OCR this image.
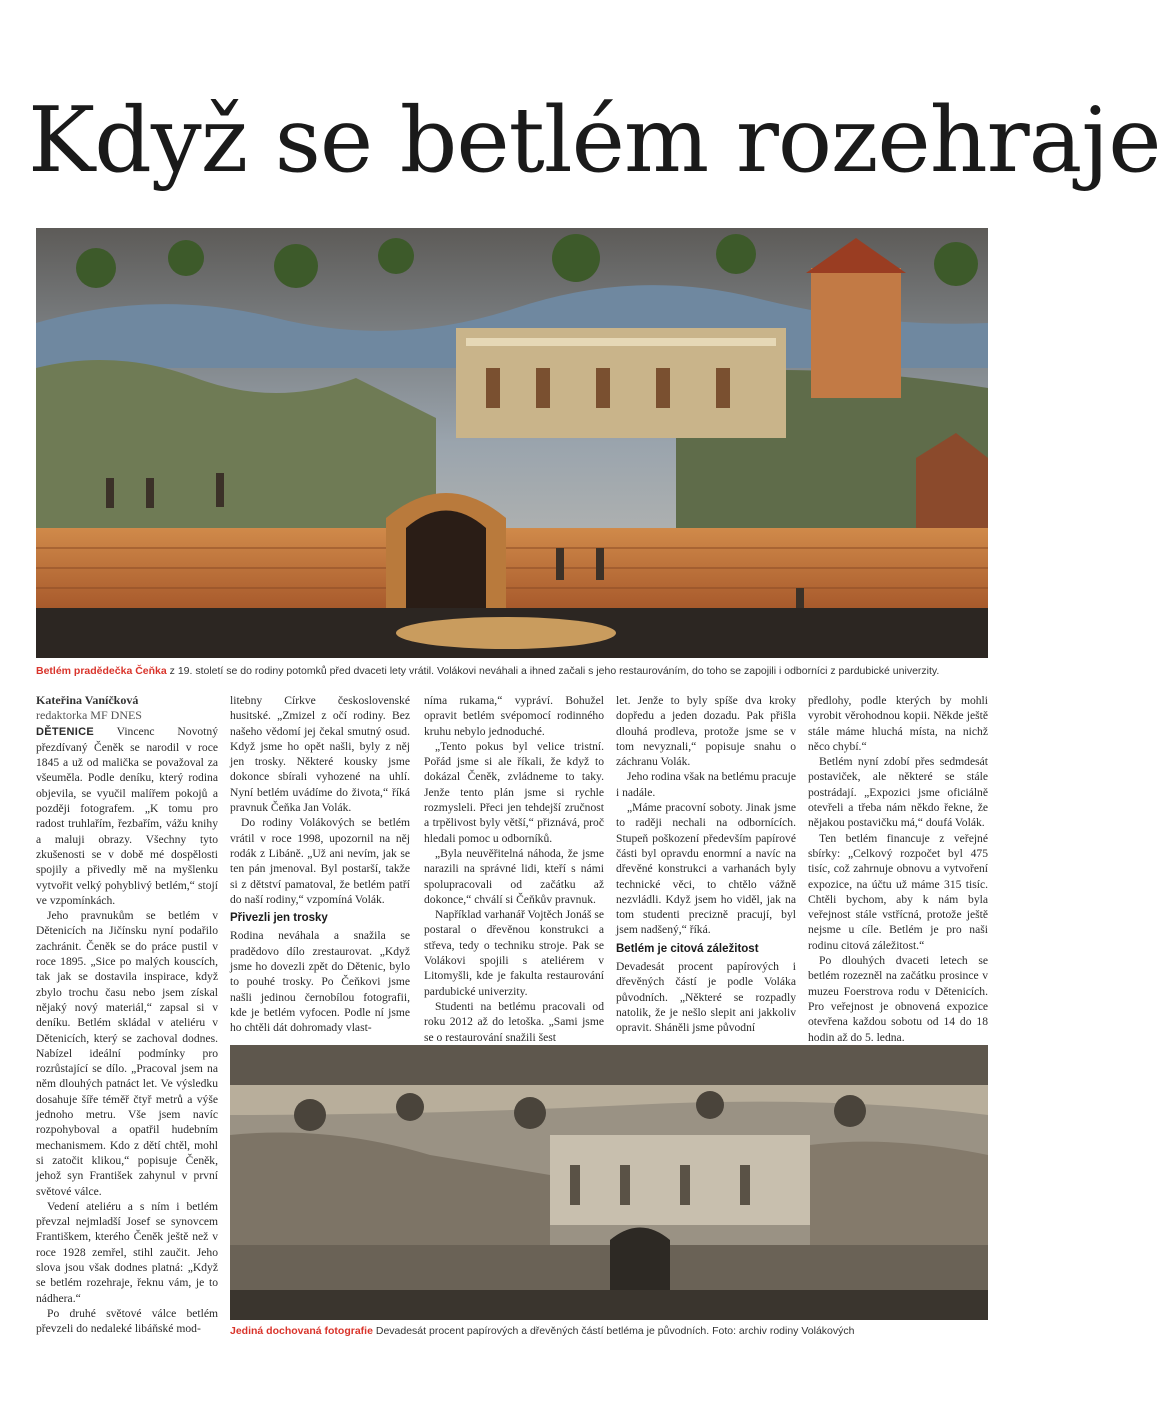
Když se betlém rozehraje
Betlém pradědečka Čeňka z 19. století se do rodiny potomků před dvaceti lety vrátil. Volákovi neváhali a ihned začali s jeho restaurováním, do toho se zapojili i odborníci z pardubické univerzity.

Kateřina Vaníčková

redaktorka MF DNES

DĚTENICE Vincenc Novotný přezdívaný Čeněk se narodil v roce 1845 a už od malička se považoval za všeuměla. Podle deníku, který rodina objevila, se vyučil malířem pokojů a později fotografem. „K tomu pro radost truhlařím, řezbařím, vážu knihy a maluji obrazy. Všechny tyto zkušenosti se v době mé dospělosti spojily a přivedly mě na myšlenku vytvořit velký pohyblivý betlém,“ stojí ve vzpomínkách.

Jeho pravnukům se betlém v Dětenicích na Jičínsku nyní podařilo zachránit. Čeněk se do práce pustil v roce 1895. „Sice po malých kouscích, tak jak se dostavila inspirace, když zbylo trochu času nebo jsem získal nějaký nový materiál,“ zapsal si v deníku. Betlém skládal v ateliéru v Dětenicích, který se zachoval dodnes. Nabízel ideální podmínky pro rozrůstající se dílo. „Pracoval jsem na něm dlouhých patnáct let. Ve výsledku dosahuje šíře téměř čtyř metrů a výše jednoho metru. Vše jsem navíc rozpohyboval a opatřil hudebním mechanismem. Kdo z dětí chtěl, mohl si zatočit klikou,“ popisuje Čeněk, jehož syn František zahynul v první světové válce.

Vedení ateliéru a s ním i betlém převzal nejmladší Josef se synovcem Františkem, kterého Čeněk ještě než v roce 1928 zemřel, stihl zaučit. Jeho slova jsou však dodnes platná: „Když se betlém rozehraje, řeknu vám, je to nádhera.“

Po druhé světové válce betlém převzeli do nedaleké libáňské mod-

litebny Církve československé husitské. „Zmizel z očí rodiny. Bez našeho vědomí jej čekal smutný osud. Když jsme ho opět našli, byly z něj jen trosky. Některé kousky jsme dokonce sbírali vyhozené na uhlí. Nyní betlém uvádíme do života,“ říká pravnuk Čeňka Jan Volák.

Do rodiny Volákových se betlém vrátil v roce 1998, upozornil na něj rodák z Libáně. „Už ani nevím, jak se ten pán jmenoval. Byl postarší, takže si z dětství pamatoval, že betlém patří do naší rodiny,“ vzpomíná Volák.

Přivezli jen trosky

Rodina neváhala a snažila se pradědovo dílo zrestaurovat. „Když jsme ho dovezli zpět do Dětenic, bylo to pouhé trosky. Po Čeňkovi jsme našli jedinou černobílou fotografii, kde je betlém vyfocen. Podle ní jsme ho chtěli dát dohromady vlast-

níma rukama,“ vypráví. Bohužel opravit betlém svépomocí rodinného kruhu nebylo jednoduché.

„Tento pokus byl velice tristní. Pořád jsme si ale říkali, že když to dokázal Čeněk, zvládneme to taky. Jenže tento plán jsme si rychle rozmysleli. Přeci jen tehdejší zručnost a trpělivost byly větší,“ přiznává, proč hledali pomoc u odborníků.

„Byla neuvěřitelná náhoda, že jsme narazili na správné lidi, kteří s námi spolupracovali od začátku až dokonce,“ chválí si Čeňkův pravnuk.

Například varhanář Vojtěch Jonáš se postaral o dřevěnou konstrukci a střeva, tedy o techniku stroje. Pak se Volákovi spojili s ateliérem v Litomyšli, kde je fakulta restaurování pardubické univerzity.

Studenti na betlému pracovali od roku 2012 až do letoška. „Sami jsme se o restaurování snažili šest

let. Jenže to byly spíše dva kroky dopředu a jeden dozadu. Pak přišla dlouhá prodleva, protože jsme se v tom nevyznali,“ popisuje snahu o záchranu Volák.

Jeho rodina však na betlému pracuje i nadále.

„Máme pracovní soboty. Jinak jsme to raději nechali na odbornících. Stupeň poškození především papírové části byl opravdu enormní a navíc na dřevěné konstrukci a varhanách byly technické věci, to chtělo vážně nezvládli. Když jsem ho viděl, jak na tom studenti precizně pracují, byl jsem nadšený,“ říká.

Betlém je citová záležitost

Devadesát procent papírových i dřevěných částí je podle Voláka původních. „Některé se rozpadly natolik, že je nešlo slepit ani jakkoliv opravit. Sháněli jsme původní

předlohy, podle kterých by mohli vyrobit věrohodnou kopii. Někde ještě stále máme hluchá místa, na nichž něco chybí.“

Betlém nyní zdobí přes sedmdesát postaviček, ale některé se stále postrádají. „Expozici jsme oficiálně otevřeli a třeba nám někdo řekne, že nějakou postavičku má,“ doufá Volák.

Ten betlém financuje z veřejné sbírky: „Celkový rozpočet byl 475 tisíc, což zahrnuje obnovu a vytvoření expozice, na účtu už máme 315 tisíc. Chtěli bychom, aby k nám byla veřejnost stále vstřícná, protože ještě nejsme u cíle. Betlém je pro naši rodinu citová záležitost.“

Po dlouhých dvaceti letech se betlém rozezněl na začátku prosince v muzeu Foerstrova rodu v Dětenicích. Pro veřejnost je obnovená expozice otevřena každou sobotu od 14 do 18 hodin až do 5. ledna.

Jediná dochovaná fotografie Devadesát procent papírových a dřevěných částí betléma je původních. Foto: archiv rodiny Volákových
